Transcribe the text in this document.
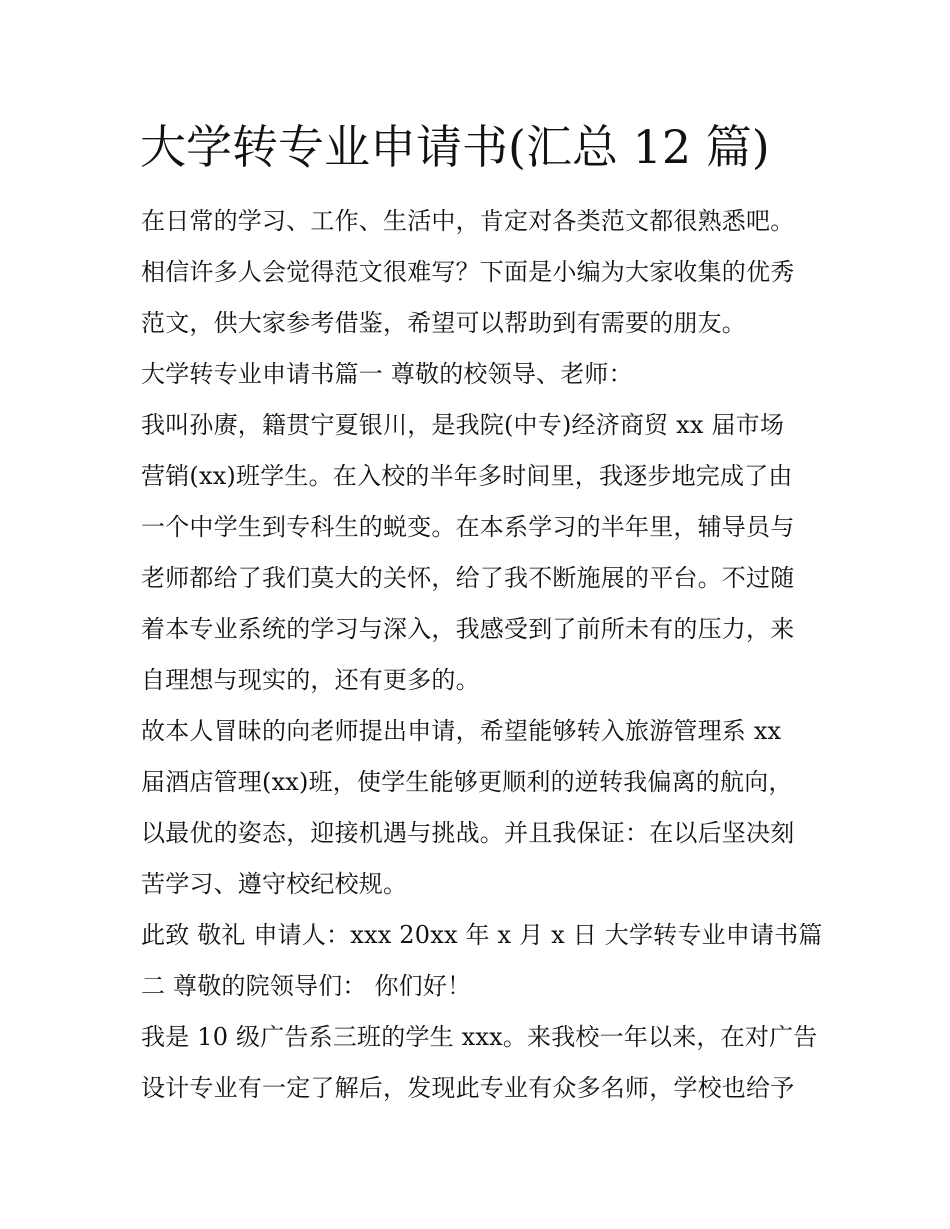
大学转专业申请书(汇总 12 篇)
在日常的学习、工作、生活中，肯定对各类范文都很熟悉吧。
相信许多人会觉得范文很难写？下面是小编为大家收集的优秀
范文，供大家参考借鉴，希望可以帮助到有需要的朋友。
大学转专业申请书篇一 尊敬的校领导、老师：
我叫孙赓，籍贯宁夏银川，是我院(中专)经济商贸 xx 届市场
营销(xx)班学生。在入校的半年多时间里，我逐步地完成了由
一个中学生到专科生的蜕变。在本系学习的半年里，辅导员与
老师都给了我们莫大的关怀，给了我不断施展的平台。不过随
着本专业系统的学习与深入，我感受到了前所未有的压力，来
自理想与现实的，还有更多的。
故本人冒昧的向老师提出申请，希望能够转入旅游管理系 xx
届酒店管理(xx)班，使学生能够更顺利的逆转我偏离的航向，
以最优的姿态，迎接机遇与挑战。并且我保证：在以后坚决刻
苦学习、遵守校纪校规。
此致 敬礼 申请人：xxx 20xx 年 x 月 x 日 大学转专业申请书篇
二 尊敬的院领导们： 你们好！
我是 10 级广告系三班的学生 xxx。来我校一年以来，在对广告
设计专业有一定了解后，发现此专业有众多名师，学校也给予
